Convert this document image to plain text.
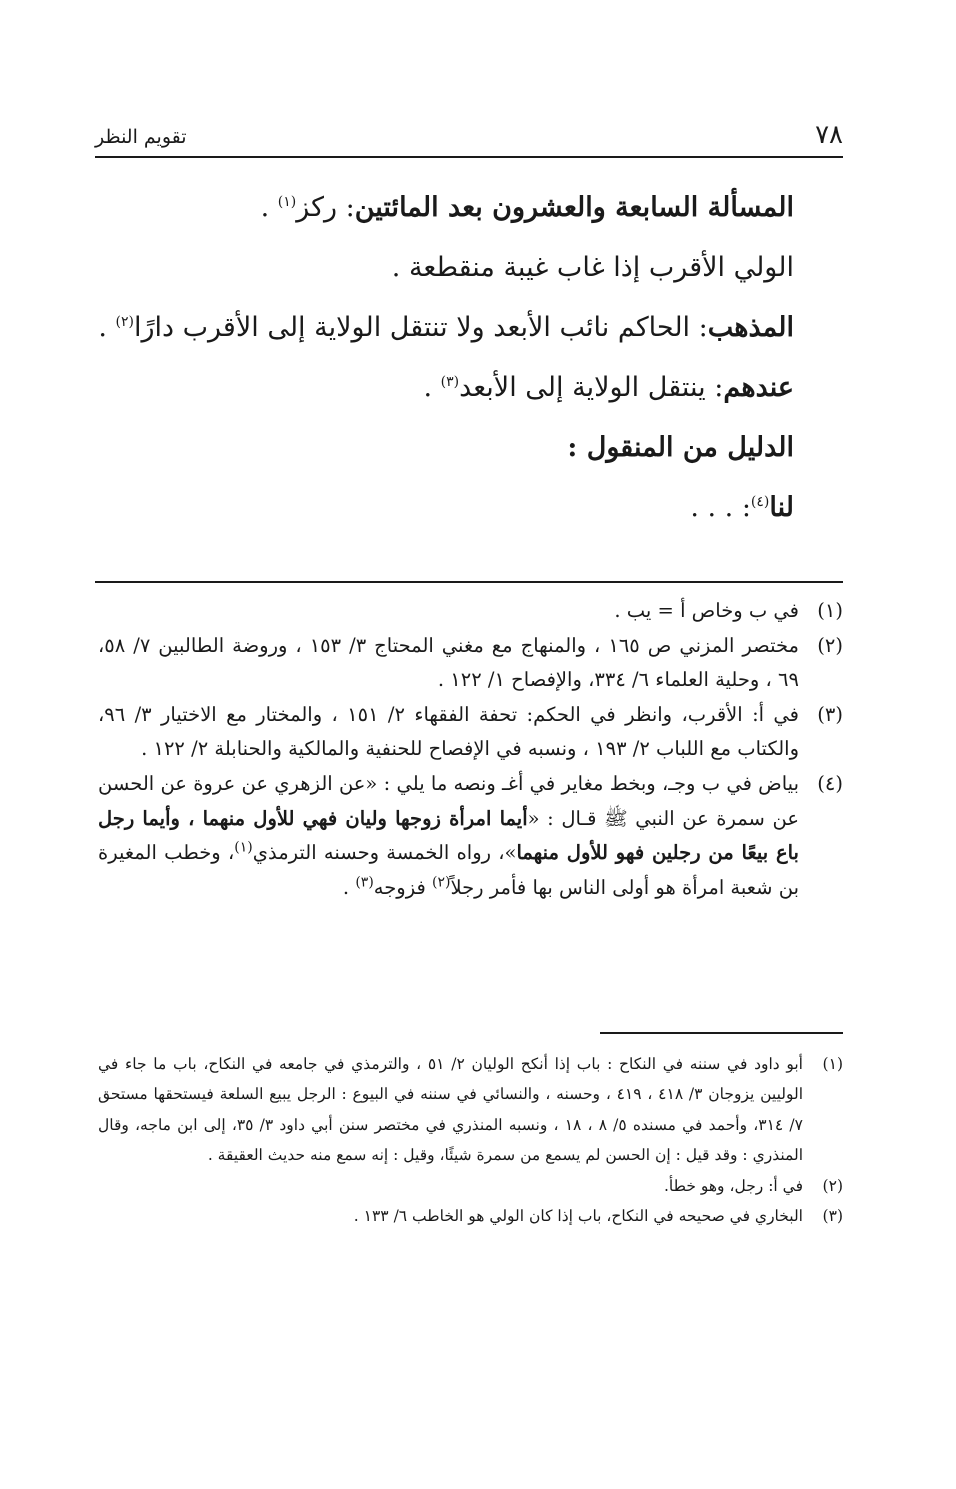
٧٨
تقويم النظر

المسألة السابعة والعشرون بعد المائتين: ركز$^{(١)}$ .

الولي الأقرب إذا غاب غيبة منقطعة .

المذهب: الحاكم نائب الأبعد ولا تنتقل الولاية إلى الأقرب دارًا$^{(٢)}$ .

عندهم: ينتقل الولاية إلى الأبعد$^{(٣)}$ .

الدليل من المنقول :

لنا$^{(٤)}$: . . .

(١)
في ب وخاص أ = يب .
(٢)
مختصر المزني ص ١٦٥ ، والمنهاج مع مغني المحتاج ٣/ ١٥٣ ، وروضة الطالبين ٧/ ٥٨، ٦٩ ، وحلية العلماء ٦/ ٣٣٤، والإفصاح ١/ ١٢٢ .
(٣)
في أ: الأقرب، وانظر في الحكم: تحفة الفقهاء ٢/ ١٥١ ، والمختار مع الاختيار ٣/ ٩٦، والكتاب مع اللباب ٢/ ١٩٣ ، ونسبه في الإفصاح للحنفية والمالكية والحنابلة ٢/ ١٢٢ .
(٤)
بياض في ب وجـ، وبخط مغاير في أغـ ونصه ما يلي : «عن الزهري عن عروة عن الحسن عن سمرة عن النبي ﷺ قـال : «أيما امرأة زوجها وليان فهي للأول منهما ، وأيما رجل باع بيعًا من رجلين فهو للأول منهما»، رواه الخمسة وحسنه الترمذي$^{(١)}$، وخطب المغيرة بن شعبة امرأة هو أولى الناس بها فأمر رجلاً$^{(٢)}$ فزوجه$^{(٣)}$ .
(١)
أبو داود في سننه في النكاح : باب إذا أنكح الوليان ٢/ ٥١ ، والترمذي في جامعه في النكاح، باب ما جاء في الوليين يزوجان ٣/ ٤١٨ ، ٤١٩ ، وحسنه ، والنسائي في سننه في البيوع : الرجل يبيع السلعة فيستحقها مستحق ٧/ ٣١٤، وأحمد في مسنده ٥/ ٨ ، ١٨ ، ونسبه المنذري في مختصر سنن أبي داود ٣/ ٣٥، إلى ابن ماجه، وقال المنذري : وقد قيل : إن الحسن لم يسمع من سمرة شيئًا، وقيل : إنه سمع منه حديث العقيقة .
(٢)
في أ: رجل، وهو خطأ.
(٣)
البخاري في صحيحه في النكاح، باب إذا كان الولي هو الخاطب ٦/ ١٣٣ .
